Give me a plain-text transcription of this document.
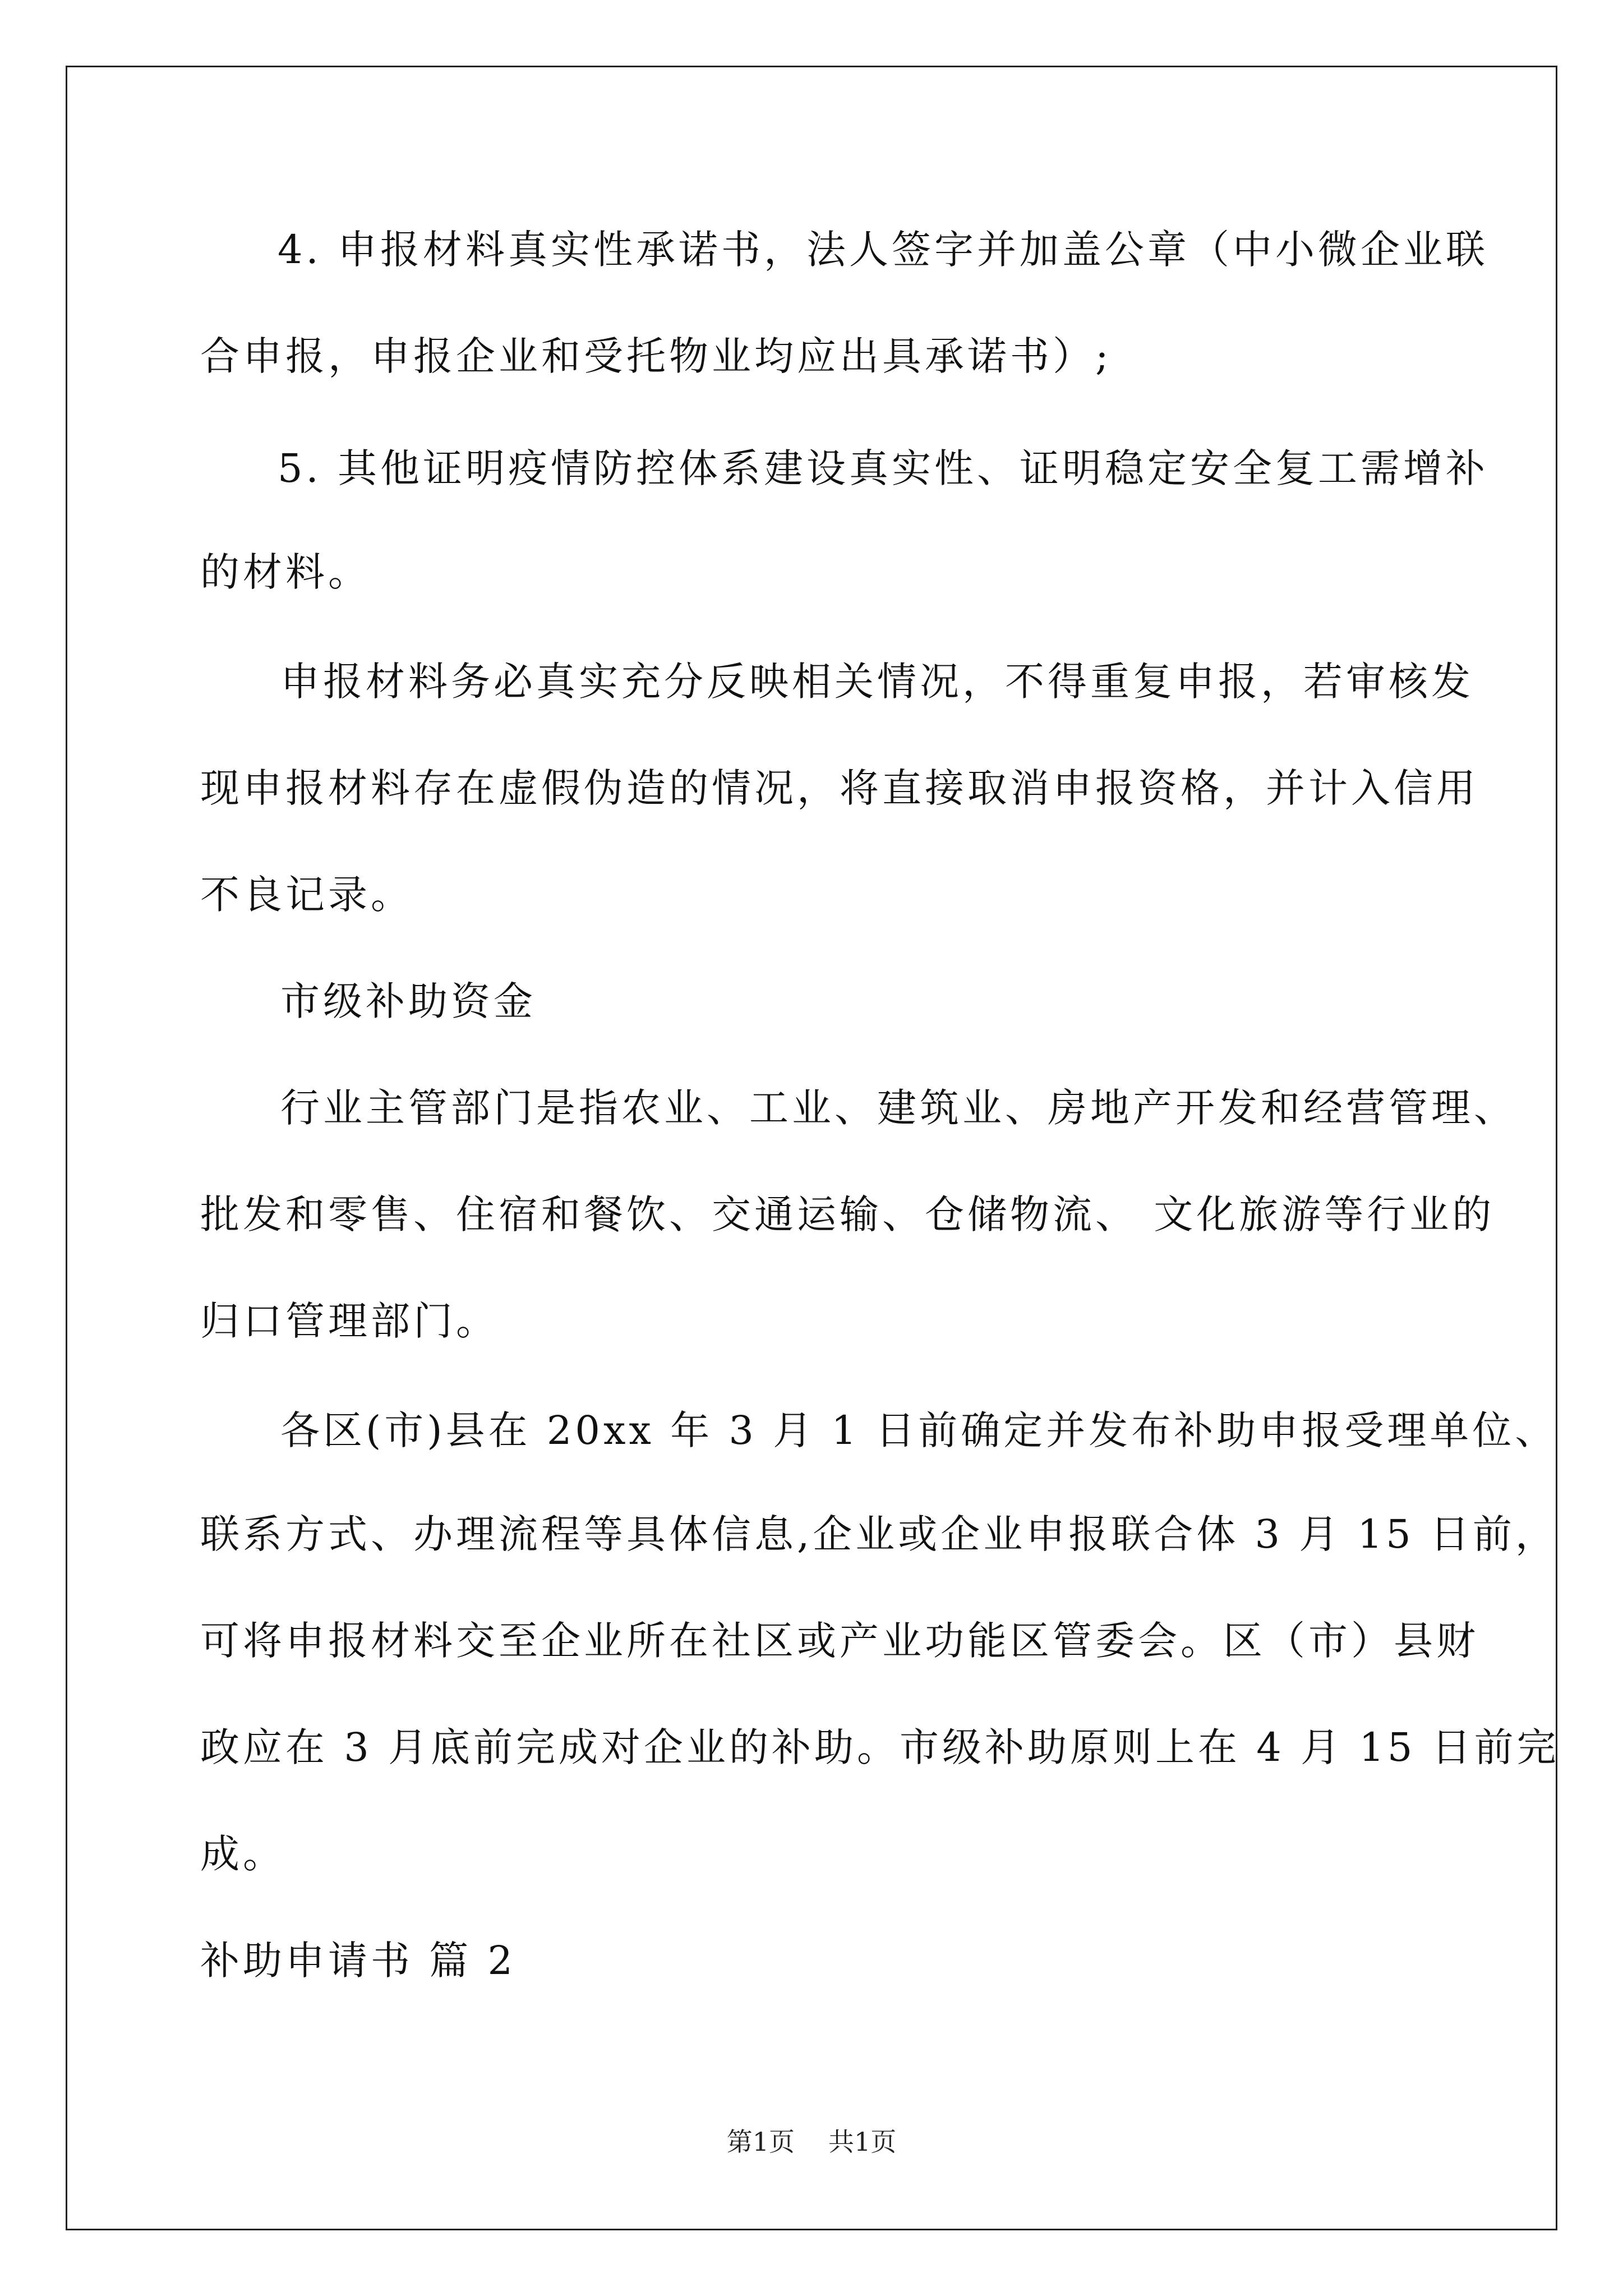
4. 申报材料真实性承诺书，法人签字并加盖公章（中小微企业联
合申报，申报企业和受托物业均应出具承诺书）;
5. 其他证明疫情防控体系建设真实性、证明稳定安全复工需增补
的材料。
申报材料务必真实充分反映相关情况，不得重复申报，若审核发
现申报材料存在虚假伪造的情况，将直接取消申报资格，并计入信用
不良记录。
市级补助资金
行业主管部门是指农业、工业、建筑业、房地产开发和经营管理、
批发和零售、住宿和餐饮、交通运输、仓储物流、 文化旅游等行业的
归口管理部门。
各区(市)县在 20xx 年 3 月 1 日前确定并发布补助申报受理单位、
联系方式、办理流程等具体信息,企业或企业申报联合体 3 月 15 日前，
可将申报材料交至企业所在社区或产业功能区管委会。区（市）县财
政应在 3 月底前完成对企业的补助。市级补助原则上在 4 月 15 日前完
成。
补助申请书 篇 2
第1页 共1页
